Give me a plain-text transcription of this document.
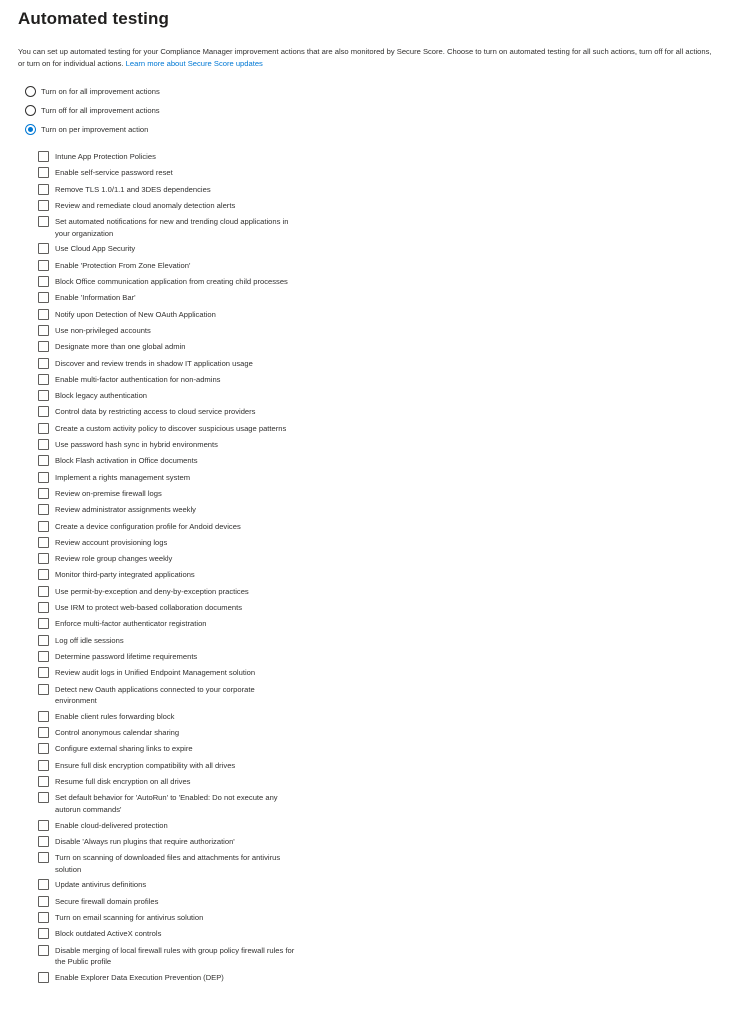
Automated testing

You can set up automated testing for your Compliance Manager improvement actions that are also monitored by Secure Score. Choose to turn on automated testing for all such actions, turn off for all actions, or turn on for individual actions. Learn more about Secure Score updates

Turn on for all improvement actions
Turn off for all improvement actions
Turn on per improvement action
Intune App Protection Policies
Enable self-service password reset
Remove TLS 1.0/1.1 and 3DES dependencies
Review and remediate cloud anomaly detection alerts
Set automated notifications for new and trending cloud applications in your organization
Use Cloud App Security
Enable 'Protection From Zone Elevation'
Block Office communication application from creating child processes
Enable 'Information Bar'
Notify upon Detection of New OAuth Application
Use non-privileged accounts
Designate more than one global admin
Discover and review trends in shadow IT application usage
Enable multi-factor authentication for non-admins
Block legacy authentication
Control data by restricting access to cloud service providers
Create a custom activity policy to discover suspicious usage patterns
Use password hash sync in hybrid environments
Block Flash activation in Office documents
Implement a rights management system
Review on-premise firewall logs
Review administrator assignments weekly
Create a device configuration profile for Andoid devices
Review account provisioning logs
Review role group changes weekly
Monitor third-party integrated applications
Use permit-by-exception and deny-by-exception practices
Use IRM to protect web-based collaboration documents
Enforce multi-factor authenticator registration
Log off idle sessions
Determine password lifetime requirements
Review audit logs in Unified Endpoint Management solution
Detect new Oauth applications connected to your corporate environment
Enable client rules forwarding block
Control anonymous calendar sharing
Configure external sharing links to expire
Ensure full disk encryption compatibility with all drives
Resume full disk encryption on all drives
Set default behavior for 'AutoRun' to 'Enabled: Do not execute any autorun commands'
Enable cloud-delivered protection
Disable 'Always run plugins that require authorization'
Turn on scanning of downloaded files and attachments for antivirus solution
Update antivirus definitions
Secure firewall domain profiles
Turn on email scanning for antivirus solution
Block outdated ActiveX controls
Disable merging of local firewall rules with group policy firewall rules for the Public profile
Enable Explorer Data Execution Prevention (DEP)
